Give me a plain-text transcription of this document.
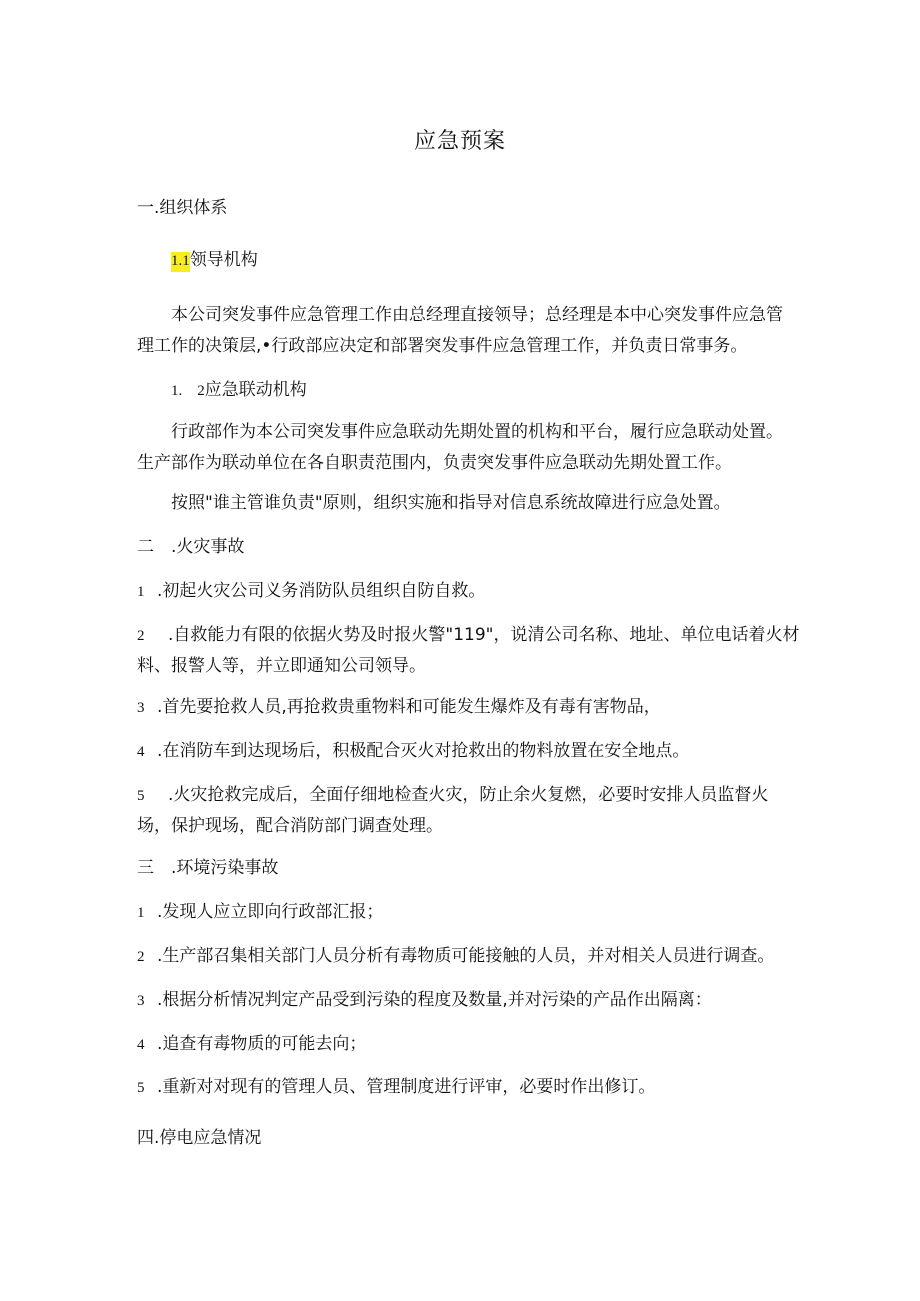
应急预案
一.组织体系
1.1领导机构
本公司突发事件应急管理工作由总经理直接领导；总经理是本中心突发事件应急管
理工作的决策层,•行政部应决定和部署突发事件应急管理工作，并负责日常事务。
1.　2应急联动机构
行政部作为本公司突发事件应急联动先期处置的机构和平台，履行应急联动处置。
生产部作为联动单位在各自职责范围内，负责突发事件应急联动先期处置工作。
按照"谁主管谁负责"原则，组织实施和指导对信息系统故障进行应急处置。
二　.火灾事故
1 .初起火灾公司义务消防队员组织自防自救。
2 .自救能力有限的依据火势及时报火警"119"，说清公司名称、地址、单位电话着火材
料、报警人等，并立即通知公司领导。
3 .首先要抢救人员,再抢救贵重物料和可能发生爆炸及有毒有害物品，
4 .在消防车到达现场后，积极配合灭火对抢救出的物料放置在安全地点。
5 .火灾抢救完成后，全面仔细地检查火灾，防止余火复燃，必要时安排人员监督火
场，保护现场，配合消防部门调查处理。
三　.环境污染事故
1 .发现人应立即向行政部汇报；
2 .生产部召集相关部门人员分析有毒物质可能接触的人员，并对相关人员进行调查。
3 .根据分析情况判定产品受到污染的程度及数量,并对污染的产品作出隔离：
4 .追查有毒物质的可能去向；
5 .重新对对现有的管理人员、管理制度进行评审，必要时作出修订。
四.停电应急情况
